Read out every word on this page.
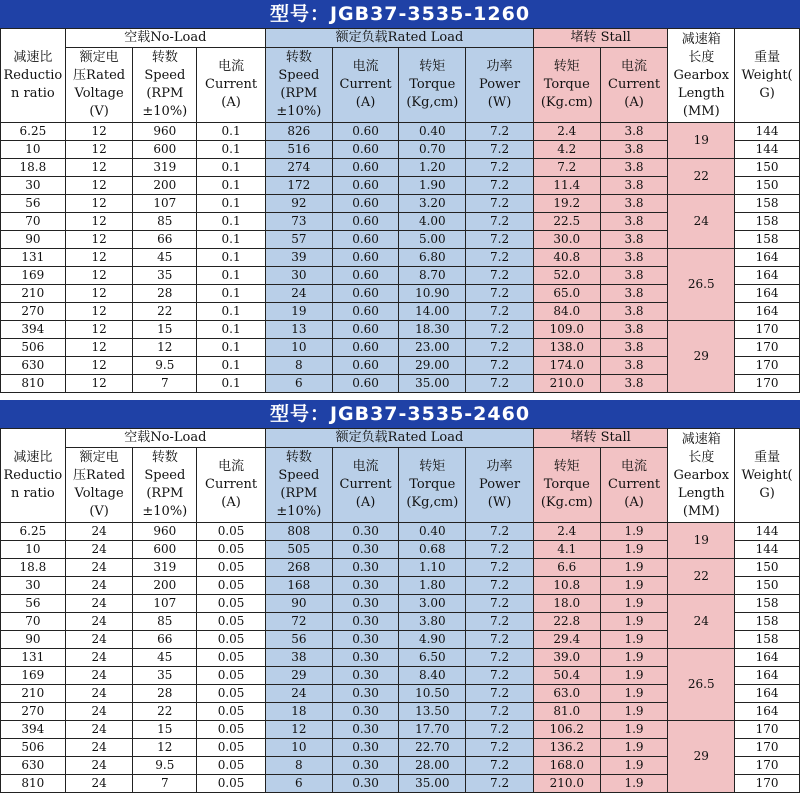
型号：JGB37-3535-1260
减速比
Reductio
n ratio	空载No-Load			额定负载Rated Load				堵转 Stall		减速箱
长度
Gearbox
Length
(MM)	重量
Weight(
G)
	额定电
压Rated
Voltage
(V)	转数
Speed
(RPM
±10%)	电流
Current
(A)	转数
Speed
(RPM
±10%)	电流
Current
(A)	转矩
Torque
(Kg,cm)	功率
Power
(W)	转矩
Torque
(Kg.cm)	电流
Current
(A)		
6.25	12	960	0.1	826	0.60	0.40	7.2	2.4	3.8	19	144
10	12	600	0.1	516	0.60	0.70	7.2	4.2	3.8		144
18.8	12	319	0.1	274	0.60	1.20	7.2	7.2	3.8	22	150
30	12	200	0.1	172	0.60	1.90	7.2	11.4	3.8		150
56	12	107	0.1	92	0.60	3.20	7.2	19.2	3.8	24	158
70	12	85	0.1	73	0.60	4.00	7.2	22.5	3.8		158
90	12	66	0.1	57	0.60	5.00	7.2	30.0	3.8		158
131	12	45	0.1	39	0.60	6.80	7.2	40.8	3.8	26.5	164
169	12	35	0.1	30	0.60	8.70	7.2	52.0	3.8		164
210	12	28	0.1	24	0.60	10.90	7.2	65.0	3.8		164
270	12	22	0.1	19	0.60	14.00	7.2	84.0	3.8		164
394	12	15	0.1	13	0.60	18.30	7.2	109.0	3.8	29	170
506	12	12	0.1	10	0.60	23.00	7.2	138.0	3.8		170
630	12	9.5	0.1	8	0.60	29.00	7.2	174.0	3.8		170
810	12	7	0.1	6	0.60	35.00	7.2	210.0	3.8		170
型号：JGB37-3535-2460
减速比
Reductio
n ratio	空载No-Load			额定负载Rated Load				堵转 Stall		减速箱
长度
Gearbox
Length
(MM)	重量
Weight(
G)
	额定电
压Rated
Voltage
(V)	转数
Speed
(RPM
±10%)	电流
Current
(A)	转数
Speed
(RPM
±10%)	电流
Current
(A)	转矩
Torque
(Kg,cm)	功率
Power
(W)	转矩
Torque
(Kg.cm)	电流
Current
(A)		
6.25	24	960	0.05	808	0.30	0.40	7.2	2.4	1.9	19	144
10	24	600	0.05	505	0.30	0.68	7.2	4.1	1.9		144
18.8	24	319	0.05	268	0.30	1.10	7.2	6.6	1.9	22	150
30	24	200	0.05	168	0.30	1.80	7.2	10.8	1.9		150
56	24	107	0.05	90	0.30	3.00	7.2	18.0	1.9	24	158
70	24	85	0.05	72	0.30	3.80	7.2	22.8	1.9		158
90	24	66	0.05	56	0.30	4.90	7.2	29.4	1.9		158
131	24	45	0.05	38	0.30	6.50	7.2	39.0	1.9	26.5	164
169	24	35	0.05	29	0.30	8.40	7.2	50.4	1.9		164
210	24	28	0.05	24	0.30	10.50	7.2	63.0	1.9		164
270	24	22	0.05	18	0.30	13.50	7.2	81.0	1.9		164
394	24	15	0.05	12	0.30	17.70	7.2	106.2	1.9	29	170
506	24	12	0.05	10	0.30	22.70	7.2	136.2	1.9		170
630	24	9.5	0.05	8	0.30	28.00	7.2	168.0	1.9		170
810	24	7	0.05	6	0.30	35.00	7.2	210.0	1.9		170
